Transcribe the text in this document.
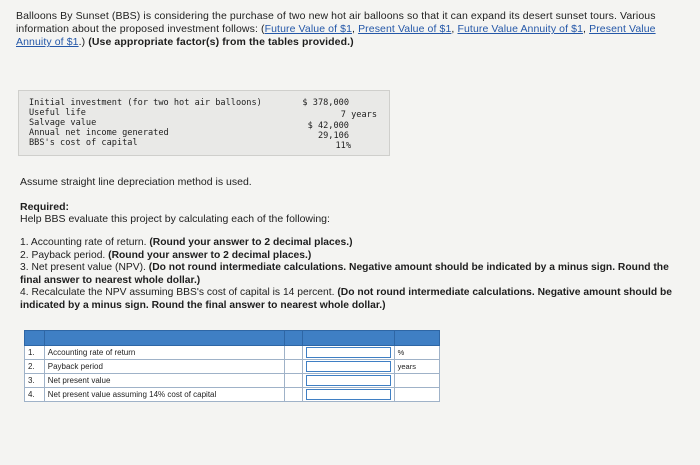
Balloons By Sunset (BBS) is considering the purchase of two new hot air balloons so that it can expand its desert sunset tours. Various information about the proposed investment follows: (Future Value of $1, Present Value of $1, Future Value Annuity of $1, Present Value Annuity of $1.) (Use appropriate factor(s) from the tables provided.)
Initial investment (for two hot air balloons)	$ 378,000
Useful life	7 years
Salvage value	$ 42,000
Annual net income generated	29,106
BBS's cost of capital	11%
Assume straight line depreciation method is used.
Required:
Help BBS evaluate this project by calculating each of the following:

1. Accounting rate of return. (Round your answer to 2 decimal places.)

2. Payback period. (Round your answer to 2 decimal places.)

3. Net present value (NPV). (Do not round intermediate calculations. Negative amount should be indicated by a minus sign. Round the final answer to nearest whole dollar.)

4. Recalculate the NPV assuming BBS's cost of capital is 14 percent. (Do not round intermediate calculations. Negative amount should be indicated by a minus sign. Round the final answer to nearest whole dollar.)

1.	Accounting rate of return			%
2.	Payback period			years
3.	Net present value		

4.	Net present value assuming 14% cost of capital		
